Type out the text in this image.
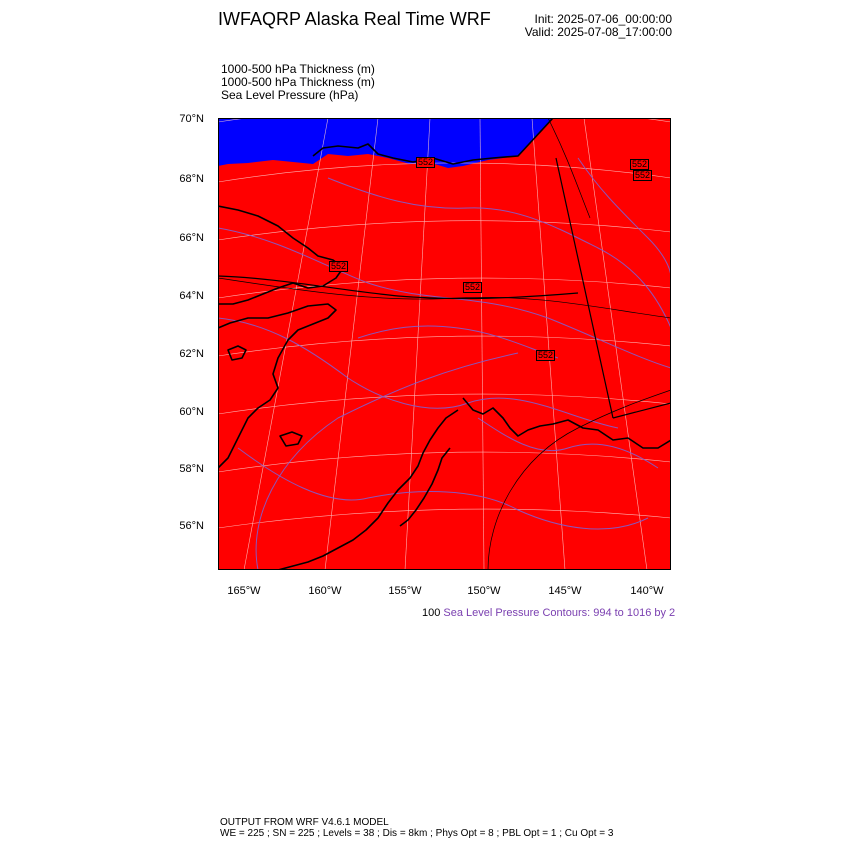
IWFAQRP Alaska Real Time WRF	Init: 2025-07-06_00:00:00
Valid: 2025-07-08_17:00:00
1000-500 hPa Thickness (m)
1000-500 hPa Thickness (m)
Sea Level Pressure (hPa)
70°N
68°N
66°N
64°N
62°N
60°N
58°N
56°N
165°W	160°W	155°W	150°W	145°W	140°W
552	552
552
552
552
552
100 Sea Level Pressure Contours: 994 to 1016 by 2
OUTPUT FROM WRF V4.6.1 MODEL
WE = 225 ; SN = 225 ; Levels = 38 ; Dis = 8km ; Phys Opt = 8 ; PBL Opt = 1 ; Cu Opt = 3
